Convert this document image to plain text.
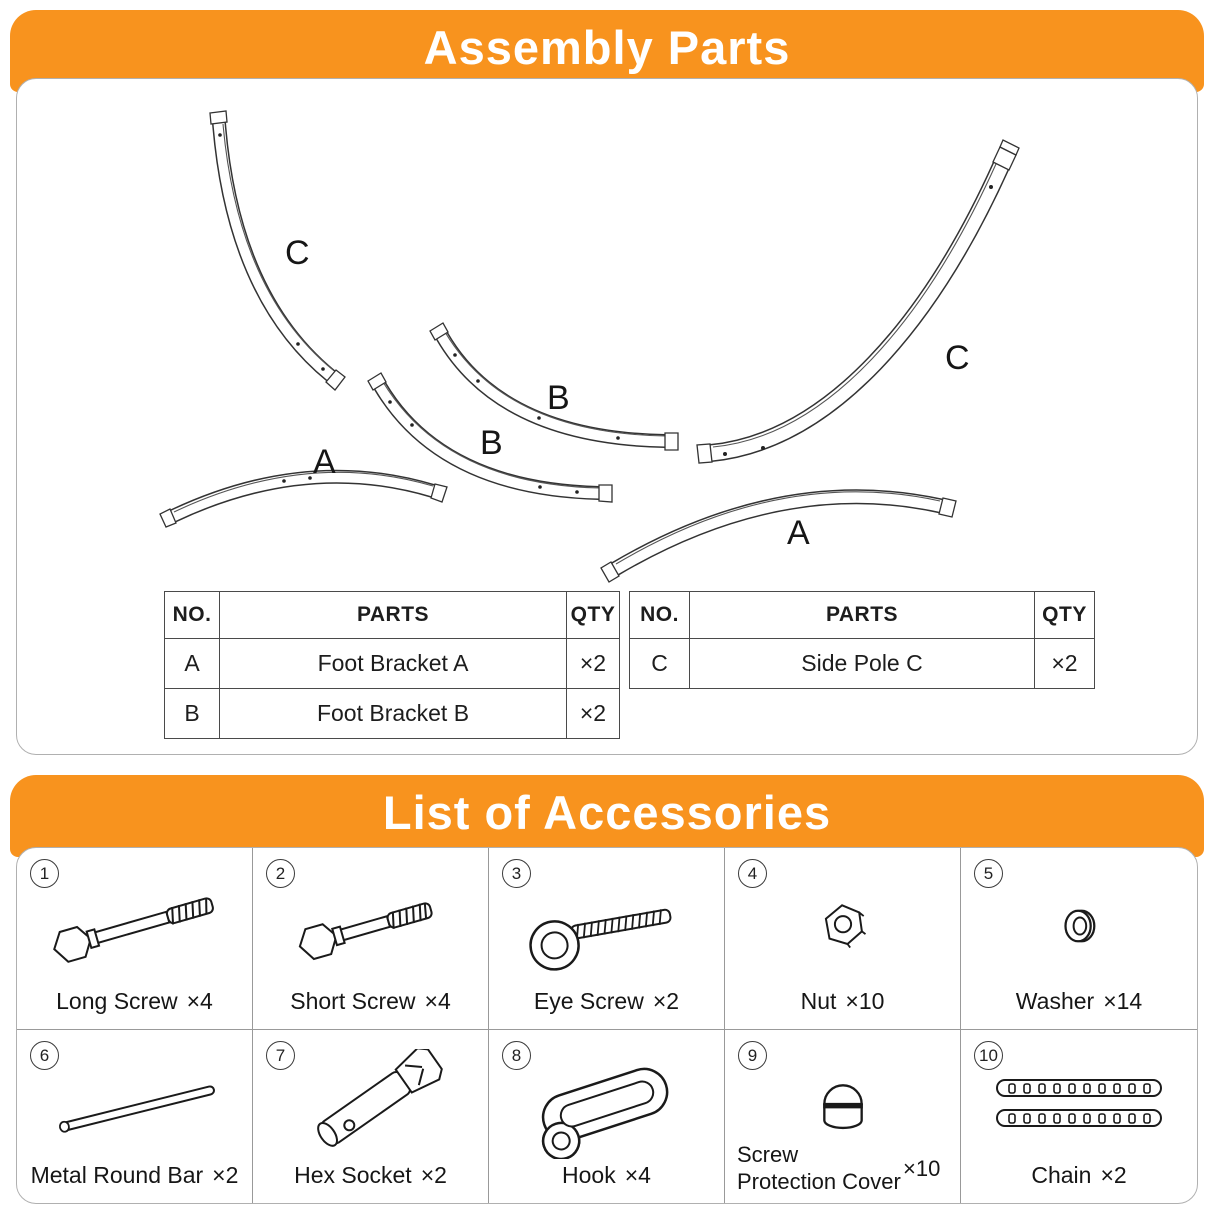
Assembly Parts
C
B
B
A
C
A
NO.	PARTS	QTY
A	Foot Bracket A	×2
B	Foot Bracket B	×2
NO.	PARTS	QTY
C	Side Pole C	×2
List of Accessories
1
Long Screw ×4
2
Short Screw ×4
3
Eye Screw ×2
4
Nut ×10
5
Washer ×14
6
Metal Round Bar ×2
7
Hex Socket ×2
8
Hook ×4
9
Screw Protection Cover
×10
10
Chain ×2
